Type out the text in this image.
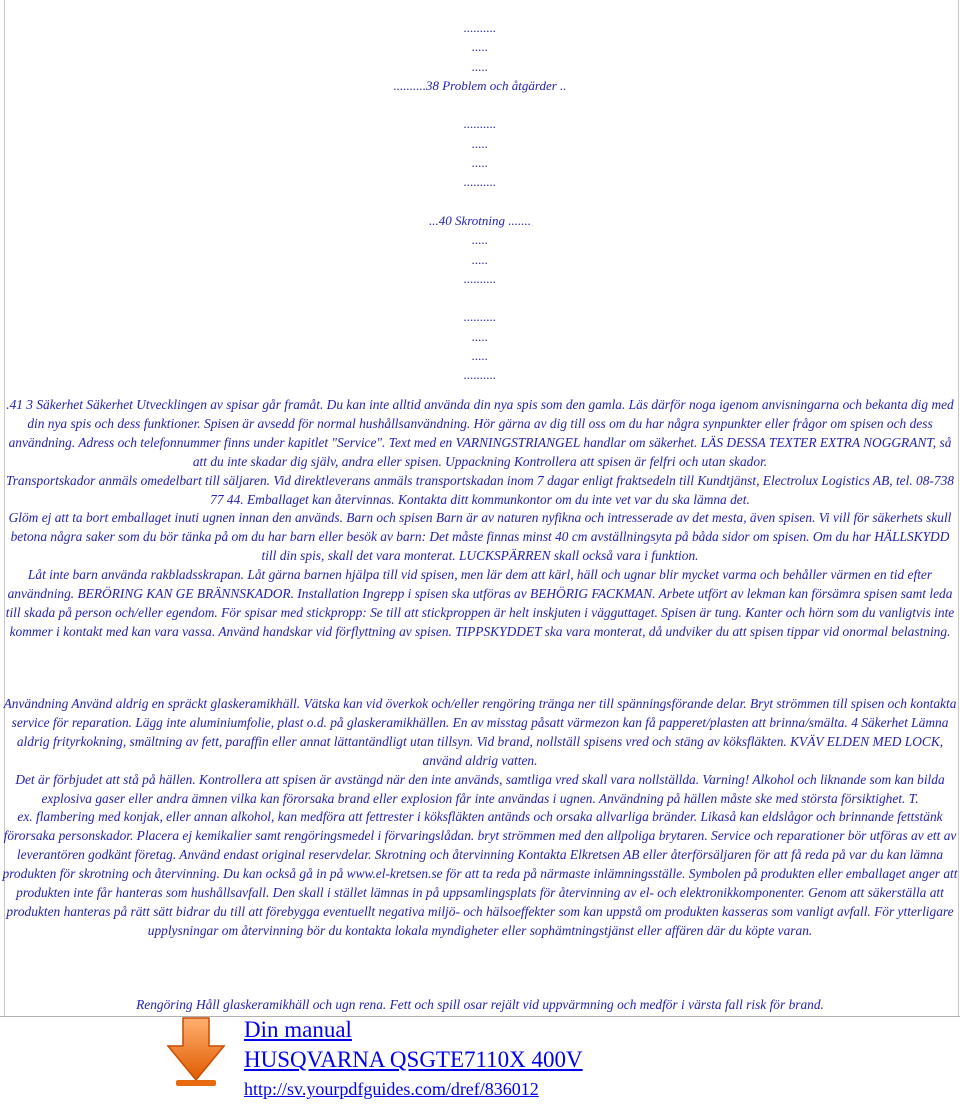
..........
.....
.....
..........38 Problem och åtgärder ..

..........
.....
.....
..........

...40 Skrotning .......
.....
.....
..........

..........
.....
.....
..........

.41 3 Säkerhet Säkerhet Utvecklingen av spisar går framåt. Du kan inte alltid använda din nya spis som den gamla. Läs därför noga igenom anvisningarna och bekanta dig med din nya spis och dess funktioner. Spisen är avsedd för normal hushållsanvändning. Hör gärna av dig till oss om du har några synpunkter eller frågor om spisen och dess användning. Adress och telefonnummer finns under kapitlet "Service". Text med en VARNINGSTRIANGEL handlar om säkerhet. LÄS DESSA TEXTER EXTRA NOGGRANT, så att du inte skadar dig själv, andra eller spisen. Uppackning Kontrollera att spisen är felfri och utan skador.

Transportskador anmäls omedelbart till säljaren. Vid direktleverans anmäls transportskadan inom 7 dagar enligt fraktsedeln till Kundtjänst, Electrolux Logistics AB, tel. 08-738 77 44. Emballaget kan återvinnas. Kontakta ditt kommunkontor om du inte vet var du ska lämna det.

Glöm ej att ta bort emballaget inuti ugnen innan den används. Barn och spisen Barn är av naturen nyfikna och intresserade av det mesta, även spisen. Vi vill för säkerhets skull betona några saker som du bör tänka på om du har barn eller besök av barn: Det måste finnas minst 40 cm avställningsyta på båda sidor om spisen. Om du har HÄLLSKYDD till din spis, skall det vara monterat. LUCKSPÄRREN skall också vara i funktion.

Låt inte barn använda rakbladsskrapan. Låt gärna barnen hjälpa till vid spisen, men lär dem att kärl, häll och ugnar blir mycket varma och behåller värmen en tid efter användning. BERÖRING KAN GE BRÄNNSKADOR. Installation Ingrepp i spisen ska utföras av BEHÖRIG FACKMAN. Arbete utfört av lekman kan försämra spisen samt leda till skada på person och/eller egendom. För spisar med stickpropp: Se till att stickproppen är helt inskjuten i vägguttaget. Spisen är tung. Kanter och hörn som du vanligtvis inte kommer i kontakt med kan vara vassa. Använd handskar vid förflyttning av spisen. TIPPSKYDDET ska vara monterat, då undviker du att spisen tippar vid onormal belastning.

Användning Använd aldrig en spräckt glaskeramikhäll. Vätska kan vid överkok och/eller rengöring tränga ner till spänningsförande delar. Bryt strömmen till spisen och kontakta service för reparation. Lägg inte aluminiumfolie, plast o.d. på glaskeramikhällen. En av misstag påsatt värmezon kan få papperet/plasten att brinna/smälta. 4 Säkerhet Lämna aldrig frityrkokning, smältning av fett, paraffin eller annat lättantändligt utan tillsyn. Vid brand, nollställ spisens vred och stäng av köksfläkten. KVÄV ELDEN MED LOCK, använd aldrig vatten.

Det är förbjudet att stå på hällen. Kontrollera att spisen är avstängd när den inte används, samtliga vred skall vara nollställda. Varning! Alkohol och liknande som kan bilda explosiva gaser eller andra ämnen vilka kan förorsaka brand eller explosion får inte användas i ugnen. Användning på hällen måste ske med största försiktighet. T.

ex. flambering med konjak, eller annan alkohol, kan medföra att fettrester i köksfläkten antänds och orsaka allvarliga bränder. Likaså kan eldslågor och brinnande fettstänk förorsaka personskador. Placera ej kemikalier samt rengöringsmedel i förvaringslådan. bryt strömmen med den allpoliga brytaren. Service och reparationer bör utföras av ett av leverantören godkänt företag. Använd endast original reservdelar. Skrotning och återvinning Kontakta Elkretsen AB eller återförsäljaren för att få reda på var du kan lämna produkten för skrotning och återvinning. Du kan också gå in på www.el-kretsen.se för att ta reda på närmaste inlämningsställe. Symbolen på produkten eller emballaget anger att produkten inte får hanteras som hushållsavfall. Den skall i stället lämnas in på uppsamlingsplats för återvinning av el- och elektronikkomponenter. Genom att säkerställa att produkten hanteras på rätt sätt bidrar du till att förebygga eventuellt negativa miljö- och hälsoeffekter som kan uppstå om produkten kasseras som vanligt avfall. För ytterligare upplysningar om återvinning bör du kontakta lokala myndigheter eller sophämtningstjänst eller affären där du köpte varan.

Rengöring Håll glaskeramikhäll och ugn rena. Fett och spill osar rejält vid uppvärmning och medför i värsta fall risk för brand.

Din manual
HUSQVARNA QSGTE7110X 400V
http://sv.yourpdfguides.com/dref/836012
